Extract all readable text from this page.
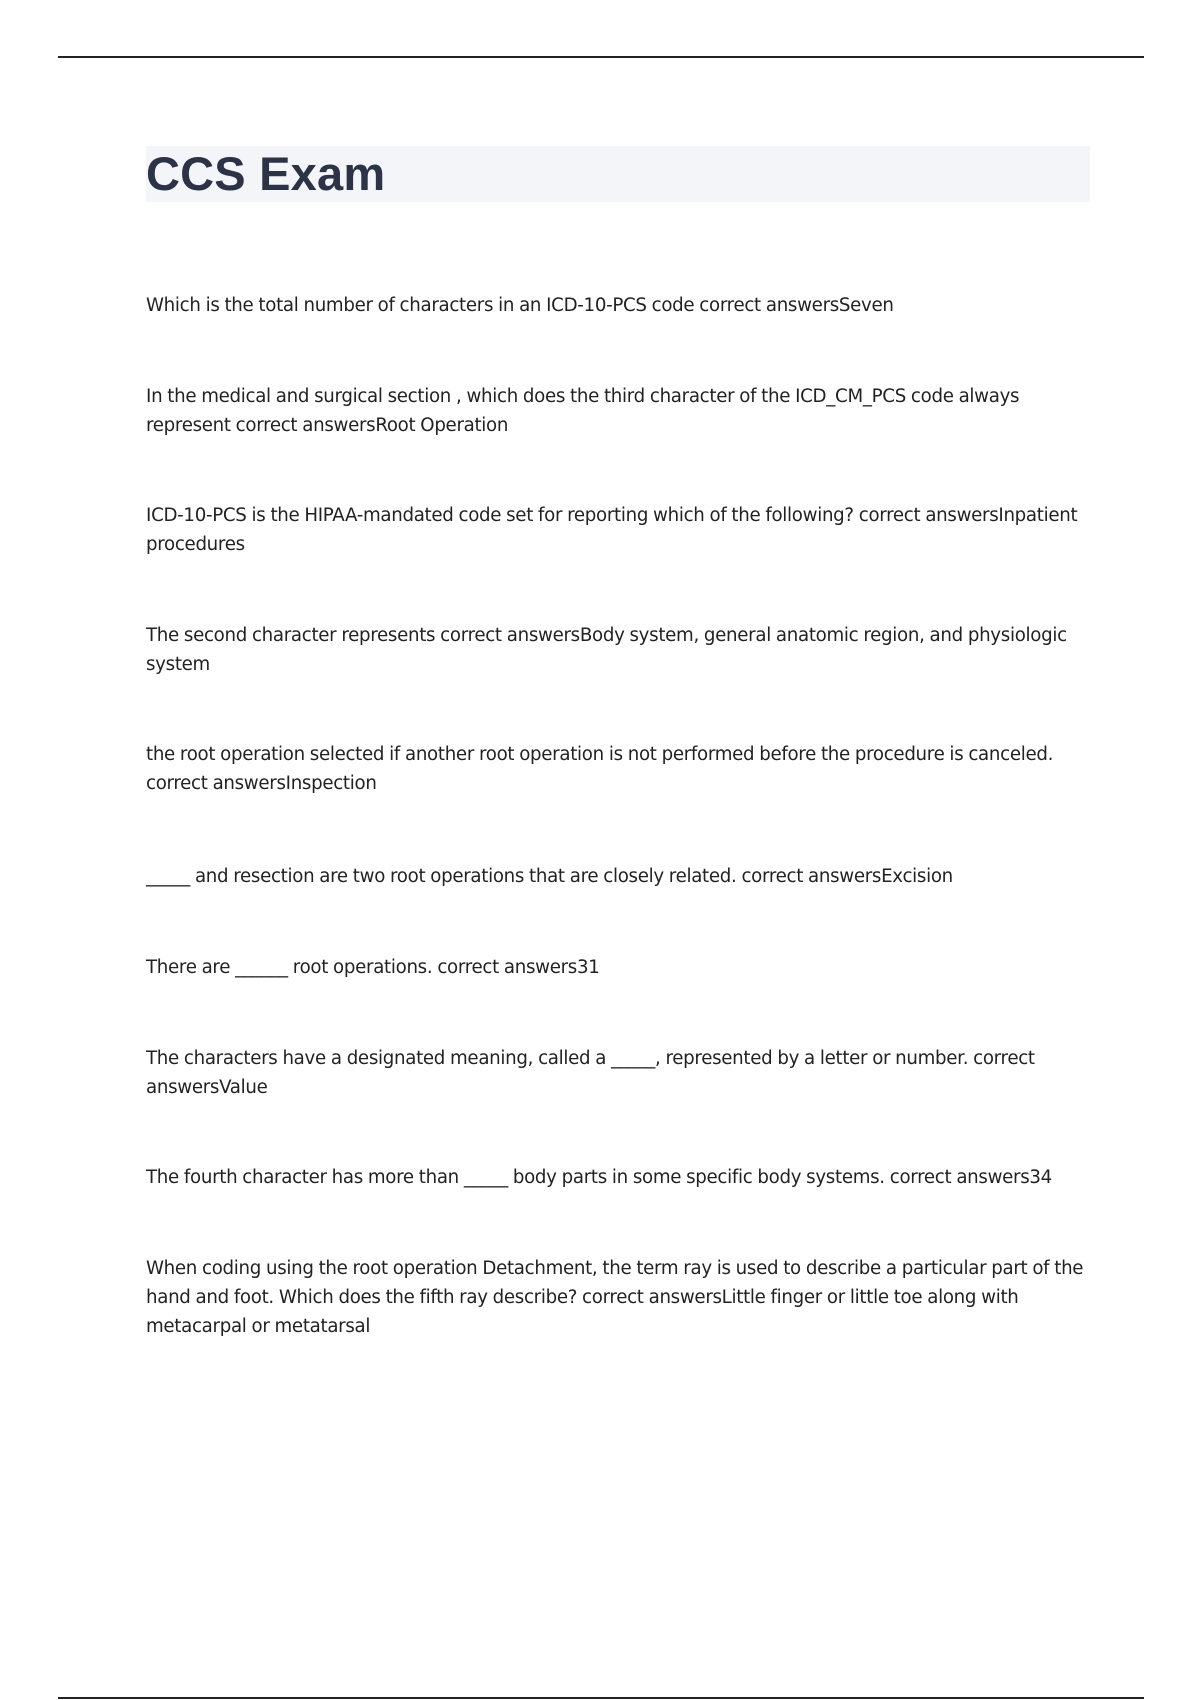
CCS Exam

Which is the total number of characters in an ICD-10-PCS code correct answersSeven

In the medical and surgical section , which does the third character of the ICD_CM_PCS code always represent correct answersRoot Operation

ICD-10-PCS is the HIPAA-mandated code set for reporting which of the following? correct answersInpatient procedures

The second character represents correct answersBody system, general anatomic region, and physiologic system

the root operation selected if another root operation is not performed before the procedure is canceled. correct answersInspection

_____ and resection are two root operations that are closely related. correct answersExcision

There are ______ root operations. correct answers31

The characters have a designated meaning, called a _____, represented by a letter or number. correct answersValue

The fourth character has more than _____ body parts in some specific body systems. correct answers34

When coding using the root operation Detachment, the term ray is used to describe a particular part of the hand and foot. Which does the fifth ray describe? correct answersLittle finger or little toe along with metacarpal or metatarsal
